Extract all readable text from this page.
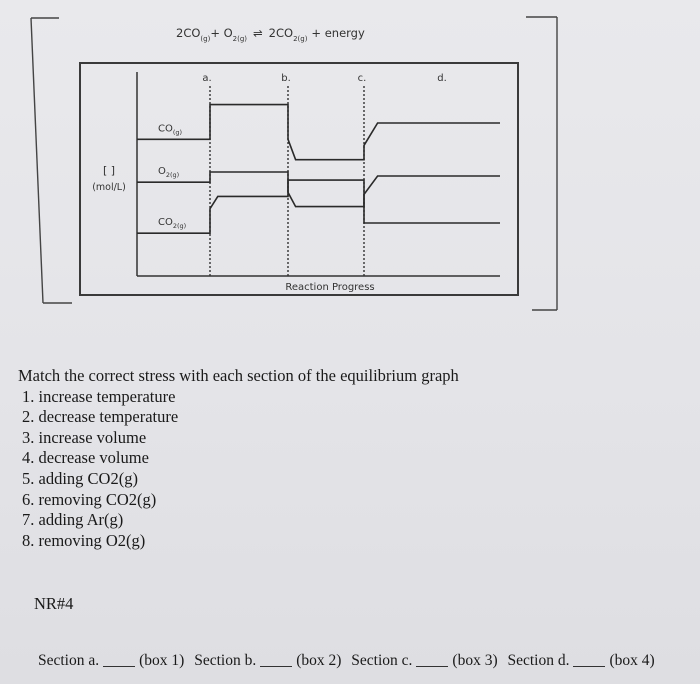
$2CO_{(g)}+ O_{2(g)}$ ⇌ $2CO_{2(g)}$ + energy
[ ]
(mol/L)
Reaction Progress
a.	b.	c.	d.
$CO_{(g)}$
$O_{2(g)}$
$CO_{2(g)}$
Match the correct stress with each section of the equilibrium graph
1. increase temperature
2. decrease temperature
3. increase volume
4. decrease volume
5. adding CO2(g)
6. removing CO2(g)
7. adding Ar(g)
8. removing O2(g)
NR#4
Section a.	(box 1) Section b.	(box 2) Section c.	(box 3) Section d.	(box 4)
